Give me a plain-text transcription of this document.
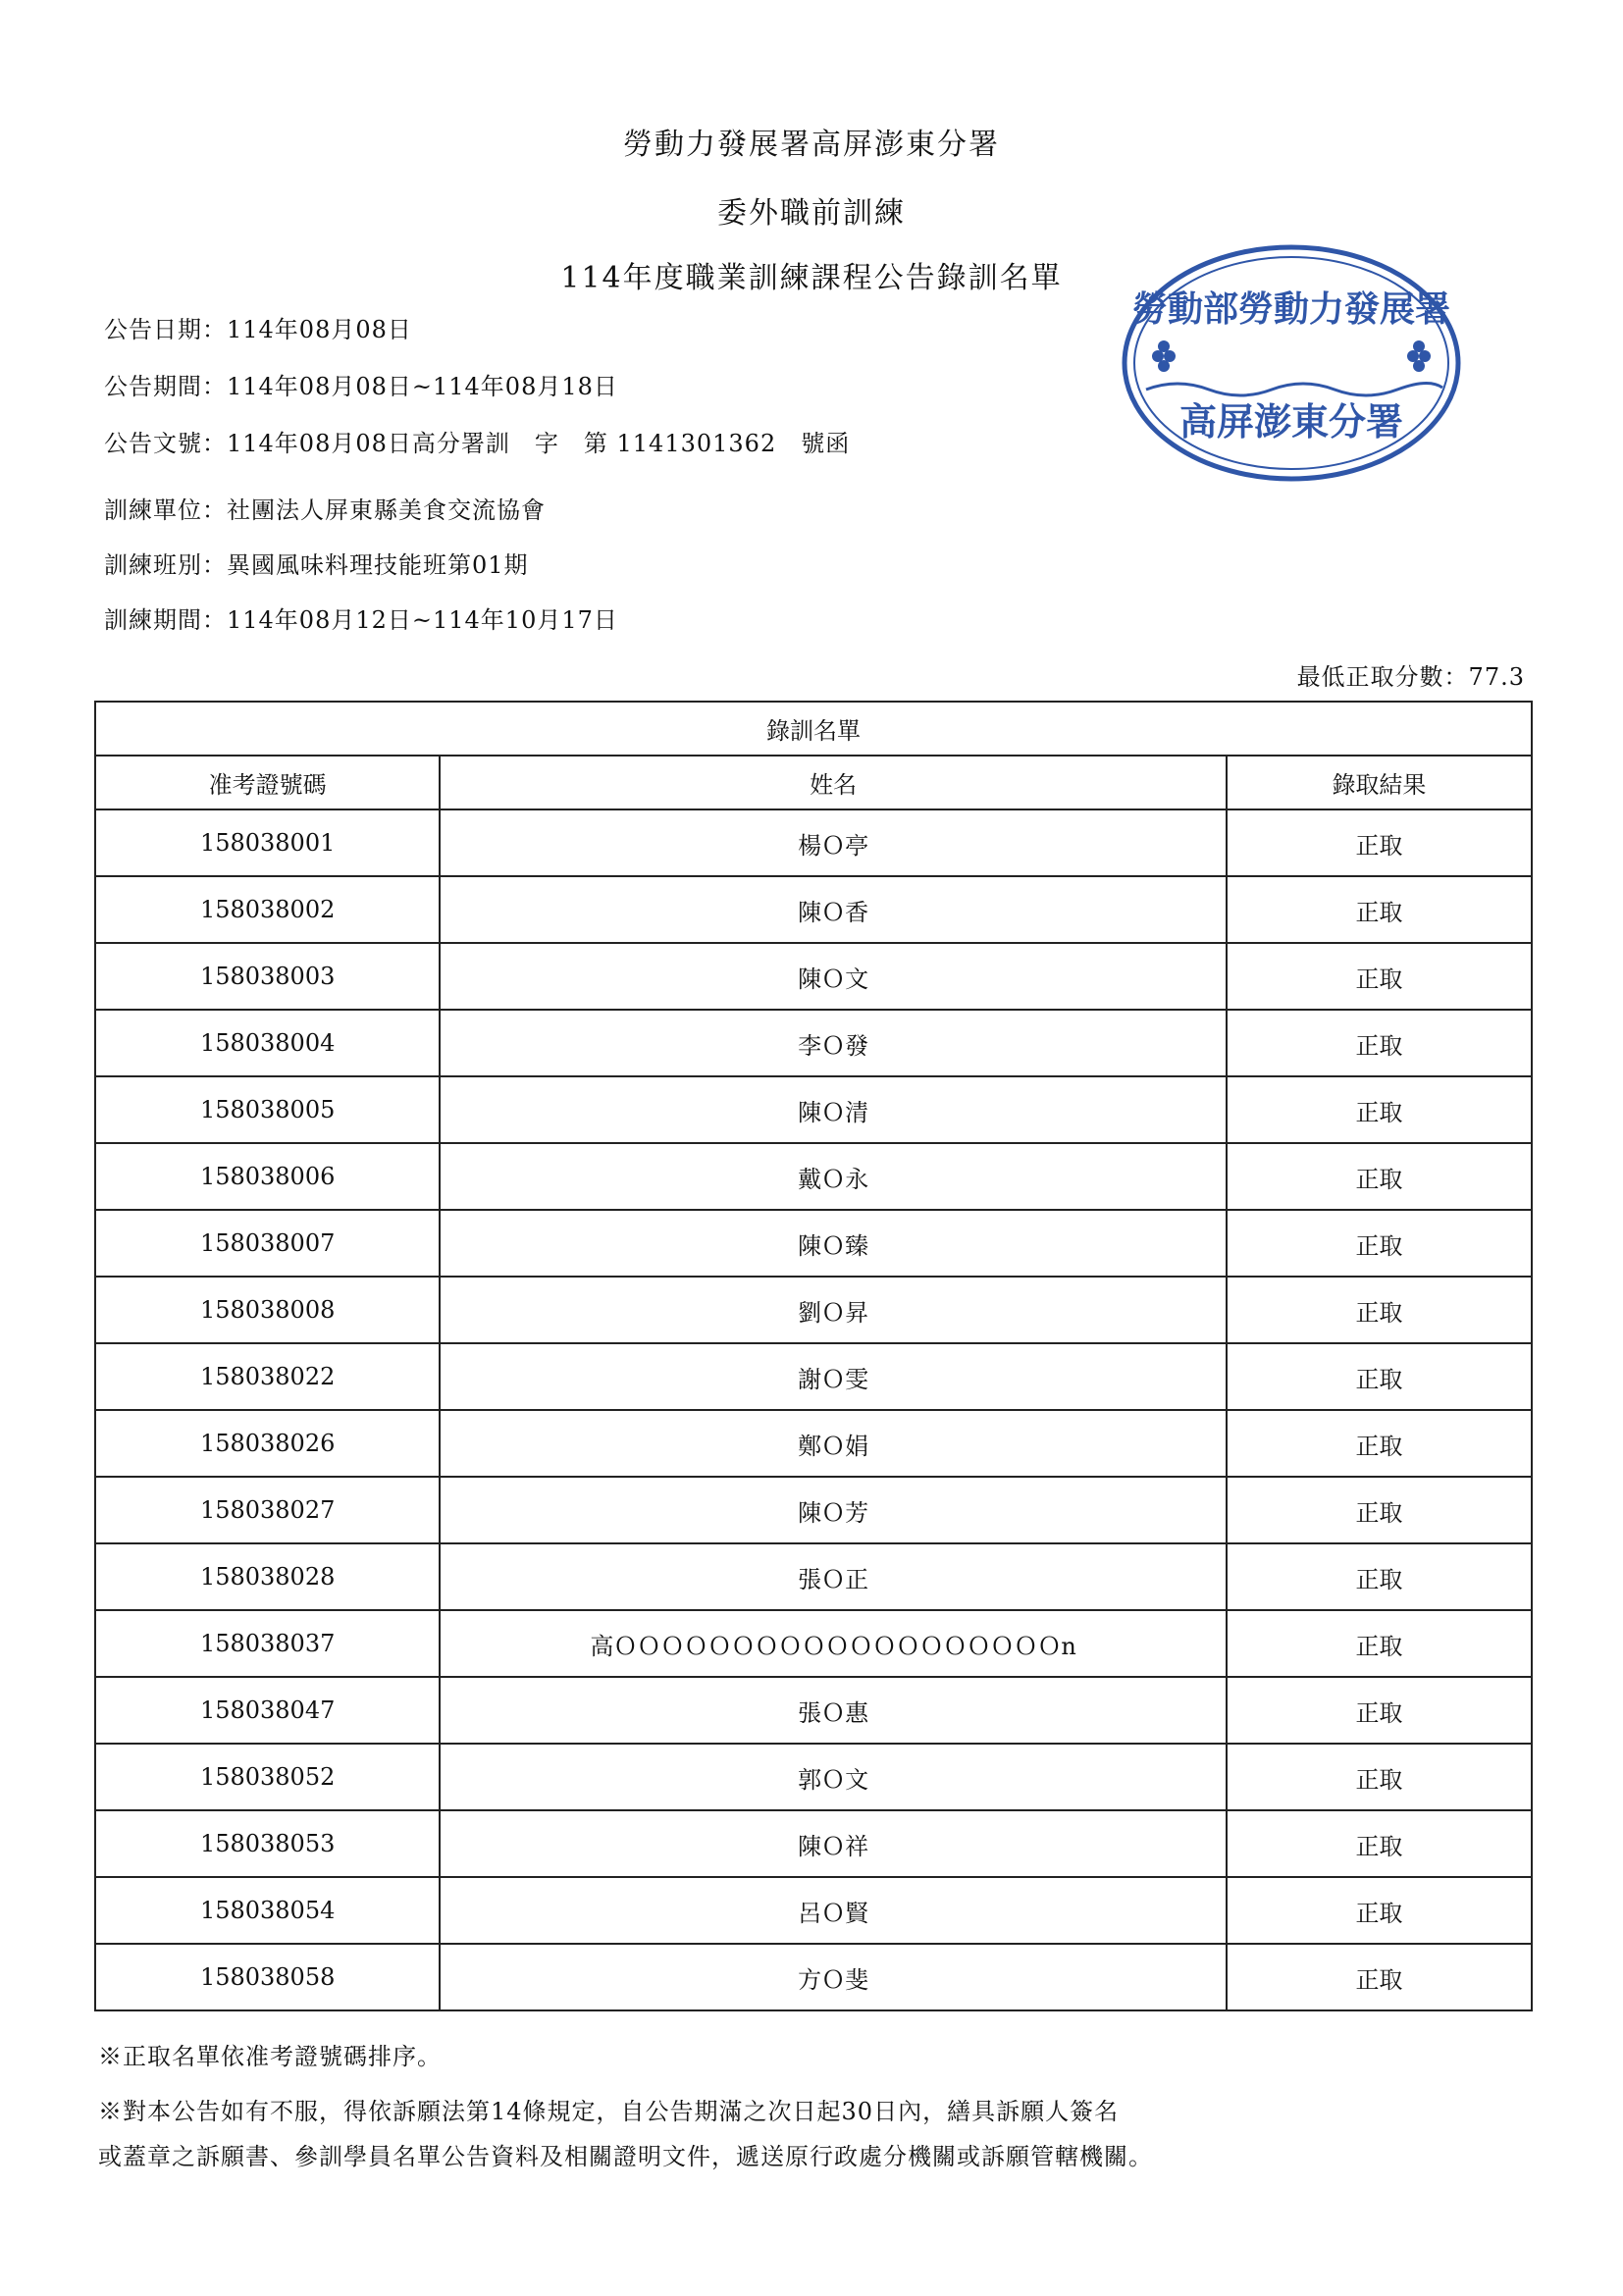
勞動力發展署高屏澎東分署
委外職前訓練
114年度職業訓練課程公告錄訓名單
公告日期：114年08月08日
公告期間：114年08月08日~114年08月18日
公告文號：114年08月08日高分署訓　字　第 1141301362　號函
訓練單位：社團法人屏東縣美食交流協會
訓練班別：異國風味料理技能班第01期
訓練期間：114年08月12日~114年10月17日
勞動部勞動力發展署
高屏澎東分署
最低正取分數：77.3
錄訓名單		
准考證號碼	姓名	錄取結果
158038001	楊Ｏ亭	正取
158038002	陳Ｏ香	正取
158038003	陳Ｏ文	正取
158038004	李Ｏ發	正取
158038005	陳Ｏ清	正取
158038006	戴Ｏ永	正取
158038007	陳Ｏ臻	正取
158038008	劉Ｏ昇	正取
158038022	謝Ｏ雯	正取
158038026	鄭Ｏ娟	正取
158038027	陳Ｏ芳	正取
158038028	張Ｏ正	正取
158038037	高ＯＯＯＯＯＯＯＯＯＯＯＯＯＯＯＯＯＯＯn	正取
158038047	張Ｏ惠	正取
158038052	郭Ｏ文	正取
158038053	陳Ｏ祥	正取
158038054	呂Ｏ賢	正取
158038058	方Ｏ斐	正取
※正取名單依准考證號碼排序。
※對本公告如有不服，得依訴願法第14條規定，自公告期滿之次日起30日內，繕具訴願人簽名
或蓋章之訴願書、參訓學員名單公告資料及相關證明文件，遞送原行政處分機關或訴願管轄機關。
